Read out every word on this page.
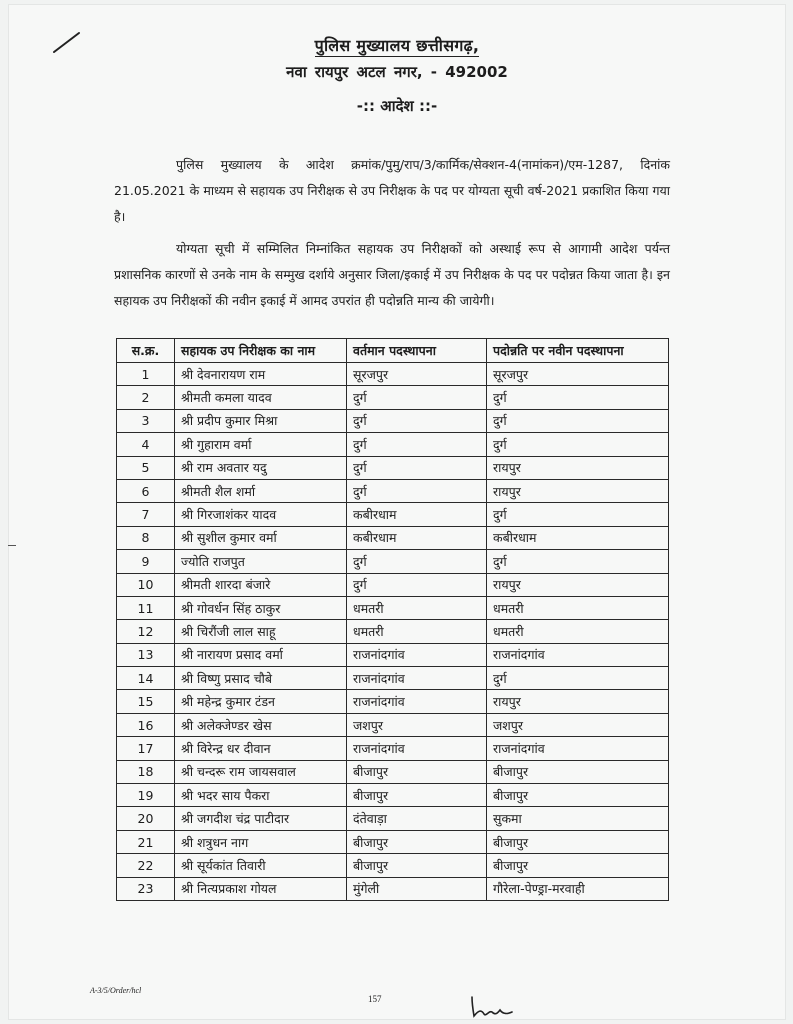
पुलिस मुख्यालय छत्तीसगढ़,
नवा रायपुर अटल नगर, - 492002
-:: आदेश ::-

पुलिस मुख्यालय के आदेश क्रमांक/पुमु/राप/3/कार्मिक/सेक्शन-4(नामांकन)/एम-1287, दिनांक 21.05.2021 के माध्यम से सहायक उप निरीक्षक से उप निरीक्षक के पद पर योग्यता सूची वर्ष-2021 प्रकाशित किया गया है।

योग्यता सूची में सम्मिलित निम्नांकित सहायक उप निरीक्षकों को अस्थाई रूप से आगामी आदेश पर्यन्त प्रशासनिक कारणों से उनके नाम के सम्मुख दर्शाये अनुसार जिला/इकाई में उप निरीक्षक के पद पर पदोन्नत किया जाता है। इन सहायक उप निरीक्षकों की नवीन इकाई में आमद उपरांत ही पदोन्नति मान्य की जायेगी।

स.क्र.	सहायक उप निरीक्षक का नाम	वर्तमान पदस्थापना	पदोन्नति पर नवीन पदस्थापना
1	श्री देवनारायण राम	सूरजपुर	सूरजपुर
2	श्रीमती कमला यादव	दुर्ग	दुर्ग
3	श्री प्रदीप कुमार मिश्रा	दुर्ग	दुर्ग
4	श्री गुहाराम वर्मा	दुर्ग	दुर्ग
5	श्री राम अवतार यदु	दुर्ग	रायपुर
6	श्रीमती शैल शर्मा	दुर्ग	रायपुर
7	श्री गिरजाशंकर यादव	कबीरधाम	दुर्ग
8	श्री सुशील कुमार वर्मा	कबीरधाम	कबीरधाम
9	ज्योति राजपुत	दुर्ग	दुर्ग
10	श्रीमती शारदा बंजारे	दुर्ग	रायपुर
11	श्री गोवर्धन सिंह ठाकुर	धमतरी	धमतरी
12	श्री चिरौंजी लाल साहू	धमतरी	धमतरी
13	श्री नारायण प्रसाद वर्मा	राजनांदगांव	राजनांदगांव
14	श्री विष्णु प्रसाद चौबे	राजनांदगांव	दुर्ग
15	श्री महेन्द्र कुमार टंडन	राजनांदगांव	रायपुर
16	श्री अलेक्जेण्डर खेस	जशपुर	जशपुर
17	श्री विरेन्द्र धर दीवान	राजनांदगांव	राजनांदगांव
18	श्री चन्दरू राम जायसवाल	बीजापुर	बीजापुर
19	श्री भदर साय पैकरा	बीजापुर	बीजापुर
20	श्री जगदीश चंद्र पाटीदार	दंतेवाड़ा	सुकमा
21	श्री शत्रुधन नाग	बीजापुर	बीजापुर
22	श्री सूर्यकांत तिवारी	बीजापुर	बीजापुर
23	श्री नित्यप्रकाश गोयल	मुंगेली	गौरेला-पेण्ड्रा-मरवाही
A-3/5/Order/hcl
157
